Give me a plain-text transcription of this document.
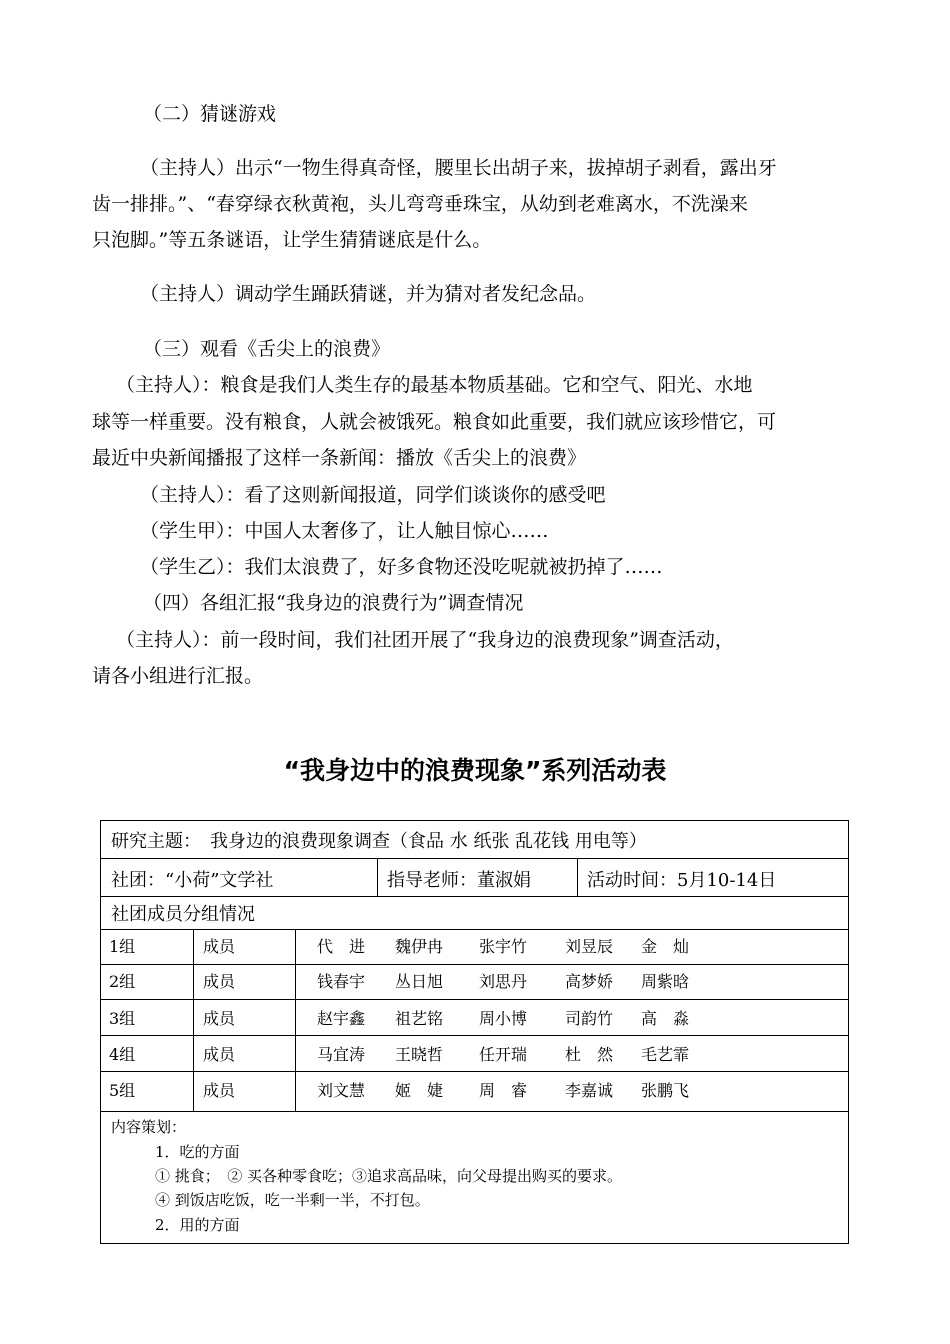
（二）猜谜游戏
（主持人）出示“一物生得真奇怪，腰里长出胡子来，拔掉胡子剥看，露出牙
齿一排排。”、“春穿绿衣秋黄袍，头儿弯弯垂珠宝，从幼到老难离水，不洗澡来
只泡脚。”等五条谜语，让学生猜猜谜底是什么。
（主持人）调动学生踊跃猜谜，并为猜对者发纪念品。
（三）观看《舌尖上的浪费》
（主持人）：粮食是我们人类生存的最基本物质基础。它和空气、阳光、水地
球等一样重要。没有粮食，人就会被饿死。粮食如此重要，我们就应该珍惜它，可
最近中央新闻播报了这样一条新闻：播放《舌尖上的浪费》
（主持人）：看了这则新闻报道，同学们谈谈你的感受吧
（学生甲）：中国人太奢侈了，让人触目惊心……
（学生乙）：我们太浪费了，好多食物还没吃呢就被扔掉了……
（四）各组汇报“我身边的浪费行为”调查情况
（主持人）：前一段时间，我们社团开展了“我身边的浪费现象”调查活动，
请各小组进行汇报。
“我身边中的浪费现象”系列活动表
研究主题：　我身边的浪费现象调查（食品 水 纸张 乱花钱 用电等）
社团：“小荷”文学社	指导老师：董淑娟	活动时间：5月10-14日
社团成员分组情况
1组	成员	代　进 魏伊冉 张宇竹 刘昱辰 金　灿
2组	成员	钱春宇 丛日旭 刘思丹 高梦娇 周紫晗
3组	成员	赵宇鑫 祖艺铭 周小博 司韵竹 高　淼
4组	成员	马宜涛 王晓哲 任开瑞 杜　然 毛艺霏
5组	成员	刘文慧 姬　婕 周　睿 李嘉诚 张鹏飞
内容策划：
1．吃的方面
① 挑食；　② 买各种零食吃；③追求高品味，向父母提出购买的要求。
④ 到饭店吃饭，吃一半剩一半，不打包。
2．用的方面
